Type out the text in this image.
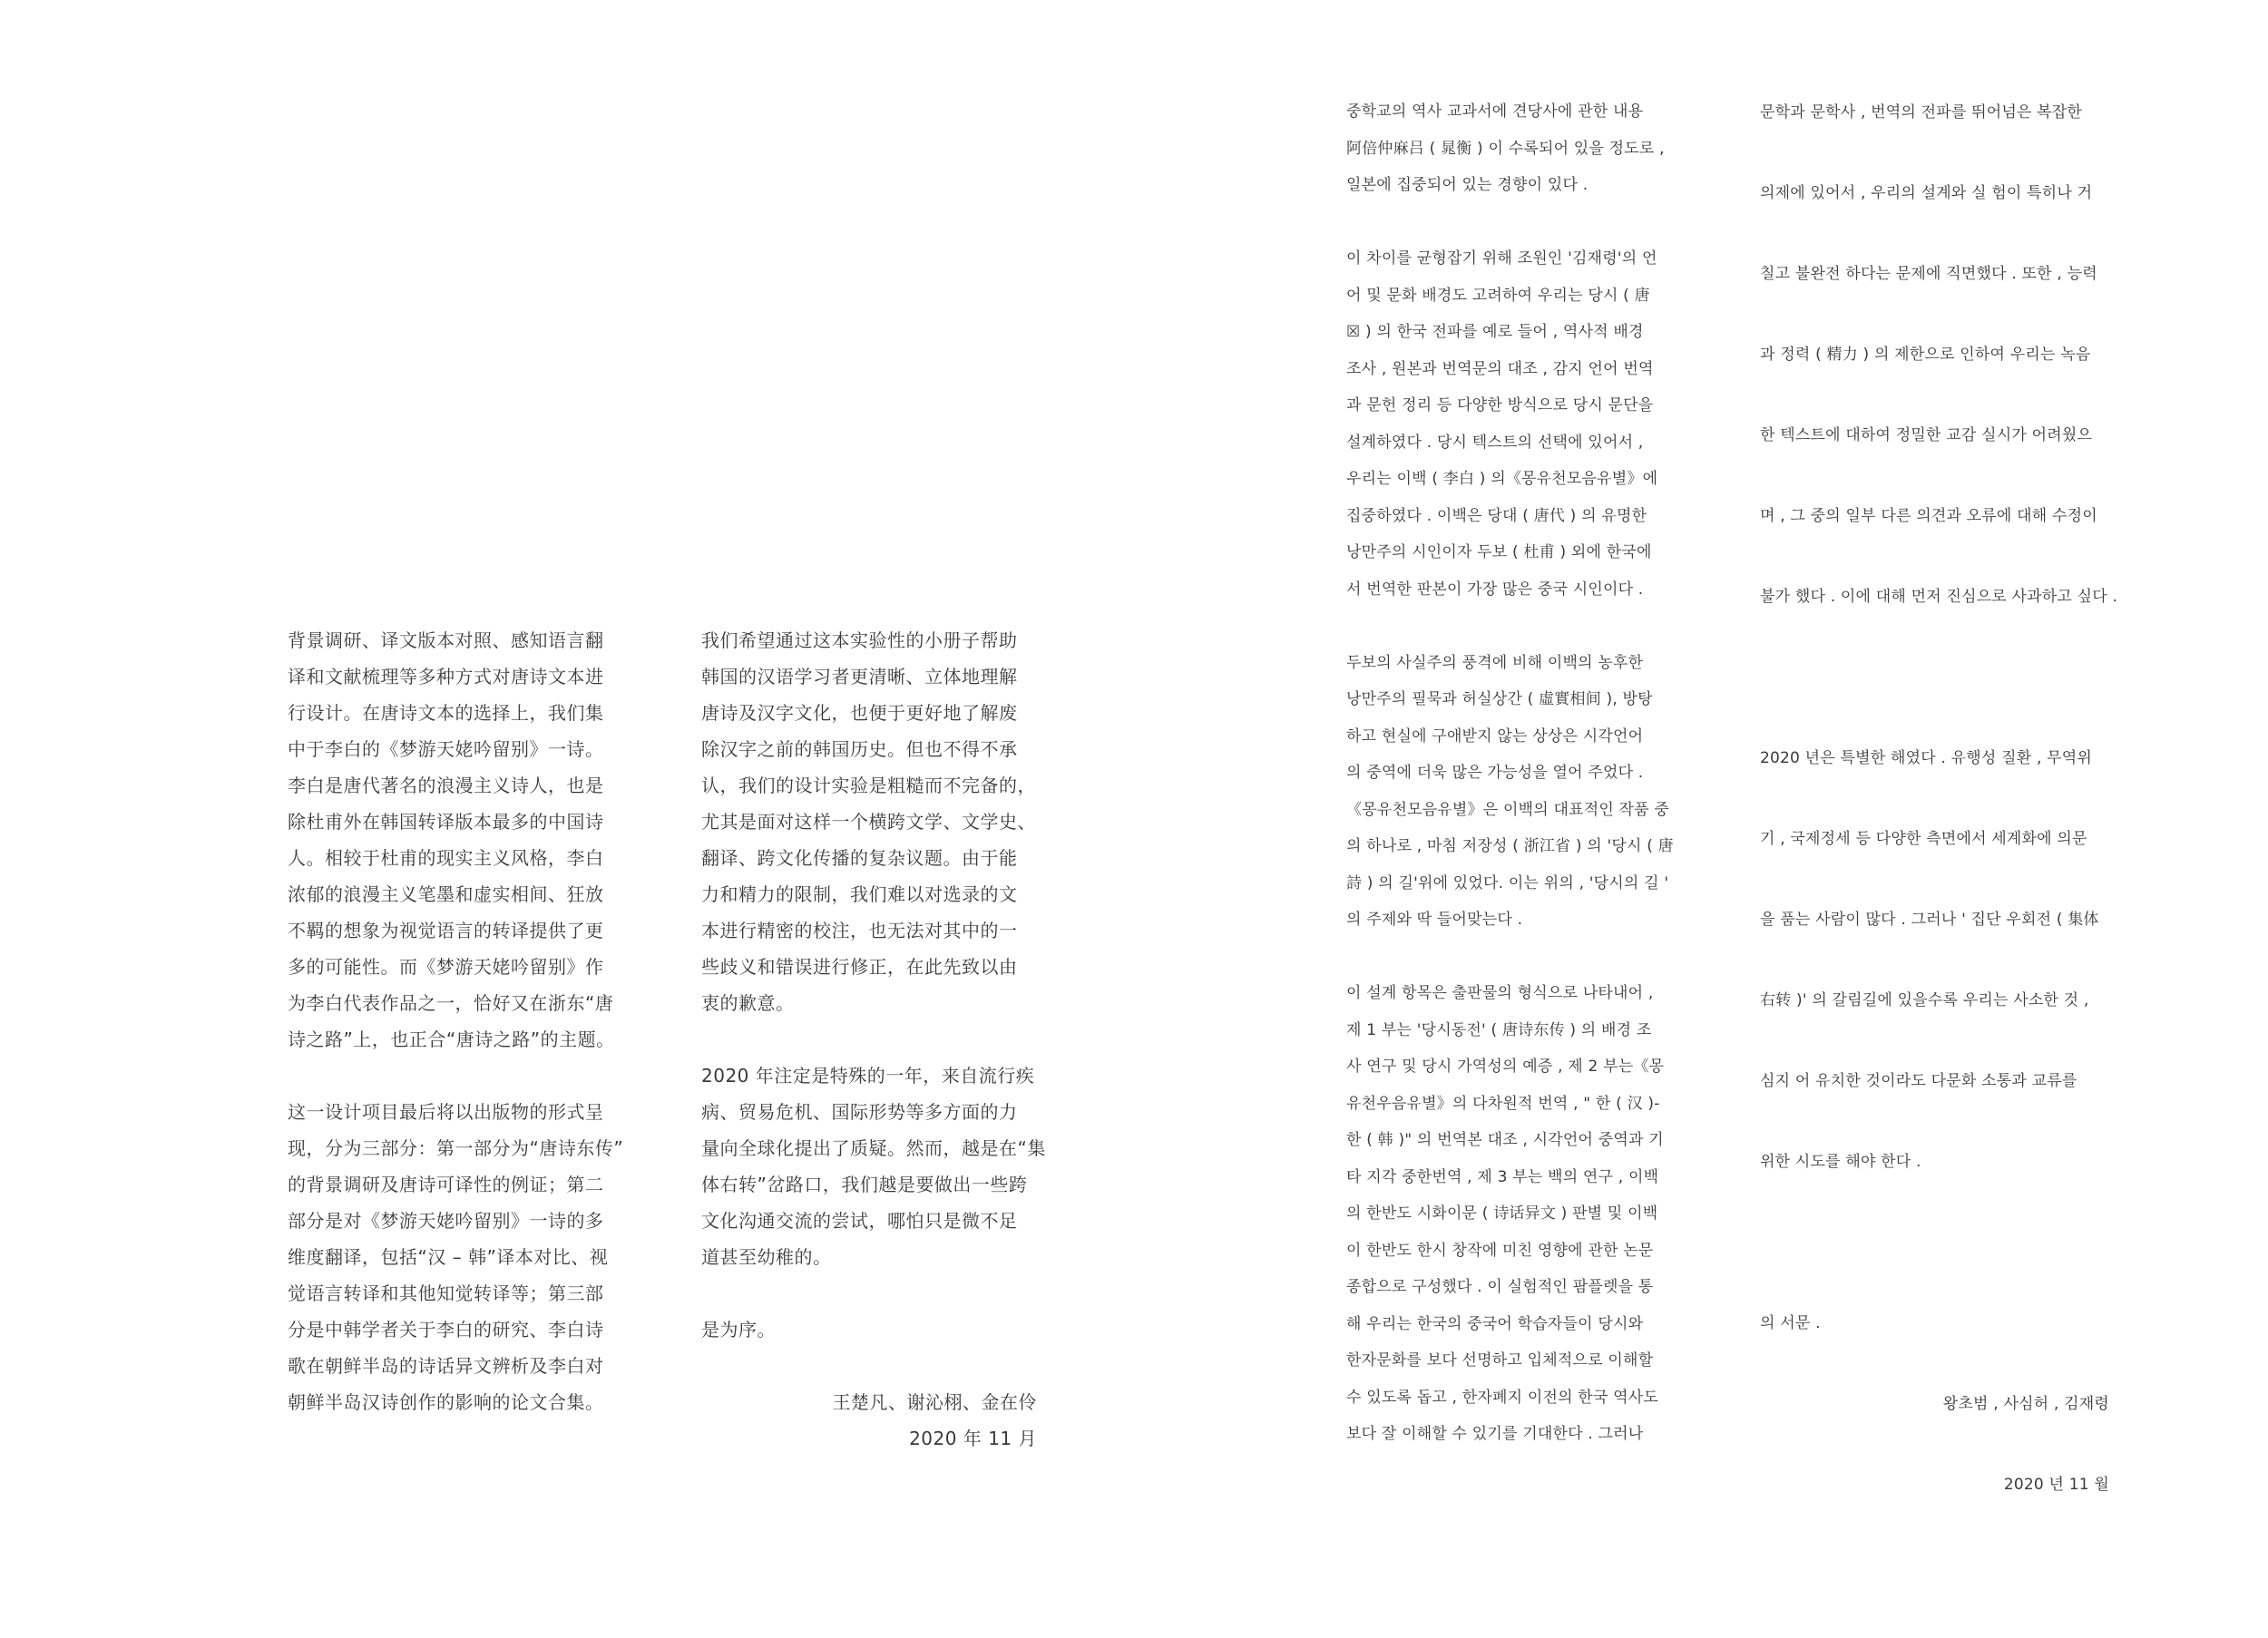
背景调研、译文版本对照、感知语言翻

译和文献梳理等多种方式对唐诗文本进

行设计。在唐诗文本的选择上，我们集

中于李白的《梦游天姥吟留别》一诗。

李白是唐代著名的浪漫主义诗人，也是

除杜甫外在韩国转译版本最多的中国诗

人。相较于杜甫的现实主义风格，李白

浓郁的浪漫主义笔墨和虚实相间、狂放

不羁的想象为视觉语言的转译提供了更

多的可能性。而《梦游天姥吟留别》作

为李白代表作品之一，恰好又在浙东“唐

诗之路”上，也正合“唐诗之路”的主题。

这一设计项目最后将以出版物的形式呈

现，分为三部分：第一部分为“唐诗东传”

的背景调研及唐诗可译性的例证；第二

部分是对《梦游天姥吟留别》一诗的多

维度翻译，包括“汉 – 韩”译本对比、视

觉语言转译和其他知觉转译等；第三部

分是中韩学者关于李白的研究、李白诗

歌在朝鲜半岛的诗话异文辨析及李白对

朝鲜半岛汉诗创作的影响的论文合集。

我们希望通过这本实验性的小册子帮助

韩国的汉语学习者更清晰、立体地理解

唐诗及汉字文化，也便于更好地了解废

除汉字之前的韩国历史。但也不得不承

认，我们的设计实验是粗糙而不完备的，

尤其是面对这样一个横跨文学、文学史、

翻译、跨文化传播的复杂议题。由于能

力和精力的限制，我们难以对选录的文

本进行精密的校注，也无法对其中的一

些歧义和错误进行修正，在此先致以由

衷的歉意。

2020 年注定是特殊的一年，来自流行疾

病、贸易危机、国际形势等多方面的力

量向全球化提出了质疑。然而，越是在“集

体右转”岔路口，我们越是要做出一些跨

文化沟通交流的尝试，哪怕只是微不足

道甚至幼稚的。

是为序。

王楚凡、谢沁栩、金在伶

2020 年 11 月

중학교의 역사 교과서에 견당사에 관한 내용

阿倍仲麻吕 ( 晁衡 ) 이 수록되어 있을 정도로 ,

일본에 집중되어 있는 경향이 있다 .

이 차이를 균형잡기 위해 조원인 '김재령'의 언

어 및 문화 배경도 고려하여 우리는 당시 ( 唐

☒ ) 의 한국 전파를 예로 들어 , 역사적 배경

조사 , 원본과 번역문의 대조 , 감지 언어 번역

과 문헌 정리 등 다양한 방식으로 당시 문단을

설계하였다 . 당시 텍스트의 선택에 있어서 ,

우리는 이백 ( 李白 ) 의《몽유천모음유별》에

집중하였다 . 이백은 당대 ( 唐代 ) 의 유명한

낭만주의 시인이자 두보 ( 杜甫 ) 외에 한국에

서 번역한 판본이 가장 많은 중국 시인이다 .

두보의 사실주의 풍격에 비해 이백의 농후한

낭만주의 필묵과 허실상간 ( 虛實相间 ), 방탕

하고 현실에 구애받지 않는 상상은 시각언어

의 중역에 더욱 많은 가능성을 열어 주었다 .

《몽유천모음유별》은 이백의 대표적인 작품 중

의 하나로 , 마침 저장성 ( 浙江省 ) 의 '당시 ( 唐

詩 ) 의 길'위에 있었다. 이는 위의 , '당시의 길 '

의 주제와 딱 들어맞는다 .

이 설계 항목은 출판물의 형식으로 나타내어 ,

제 1 부는 '당시동전' ( 唐诗东传 ) 의 배경 조

사 연구 및 당시 가역성의 예증 , 제 2 부는《몽

유천우음유별》의 다차원적 번역 , " 한 ( 汉 )-

한 ( 韩 )" 의 번역본 대조 , 시각언어 중역과 기

타 지각 중한번역 , 제 3 부는 백의 연구 , 이백

의 한반도 시화이문 ( 诗话异文 ) 판별 및 이백

이 한반도 한시 창작에 미친 영향에 관한 논문

종합으로 구성했다 . 이 실험적인 팜플렛을 통

해 우리는 한국의 중국어 학습자들이 당시와

한자문화를 보다 선명하고 입체적으로 이해할

수 있도록 돕고 , 한자폐지 이전의 한국 역사도

보다 잘 이해할 수 있기를 기대한다 . 그러나

문학과 문학사 , 번역의 전파를 뛰어넘은 복잡한

의제에 있어서 , 우리의 설계와 실 험이 특히나 거

칠고 불완전 하다는 문제에 직면했다 . 또한 , 능력

과 정력 ( 精力 ) 의 제한으로 인하여 우리는 녹음

한 텍스트에 대하여 정밀한 교감 실시가 어려웠으

며 , 그 중의 일부 다른 의견과 오류에 대해 수정이

불가 했다 . 이에 대해 먼저 진심으로 사과하고 싶다 .

2020 년은 특별한 해였다 . 유행성 질환 , 무역위

기 , 국제정세 등 다양한 측면에서 세계화에 의문

을 품는 사람이 많다 . 그러나 ' 집단 우회전 ( 集体

右转 )' 의 갈림길에 있을수록 우리는 사소한 것 ,

심지 어 유치한 것이라도 다문화 소통과 교류를

위한 시도를 해야 한다 .

의 서문 .

왕초범 , 사심허 , 김재령

2020 년 11 월
